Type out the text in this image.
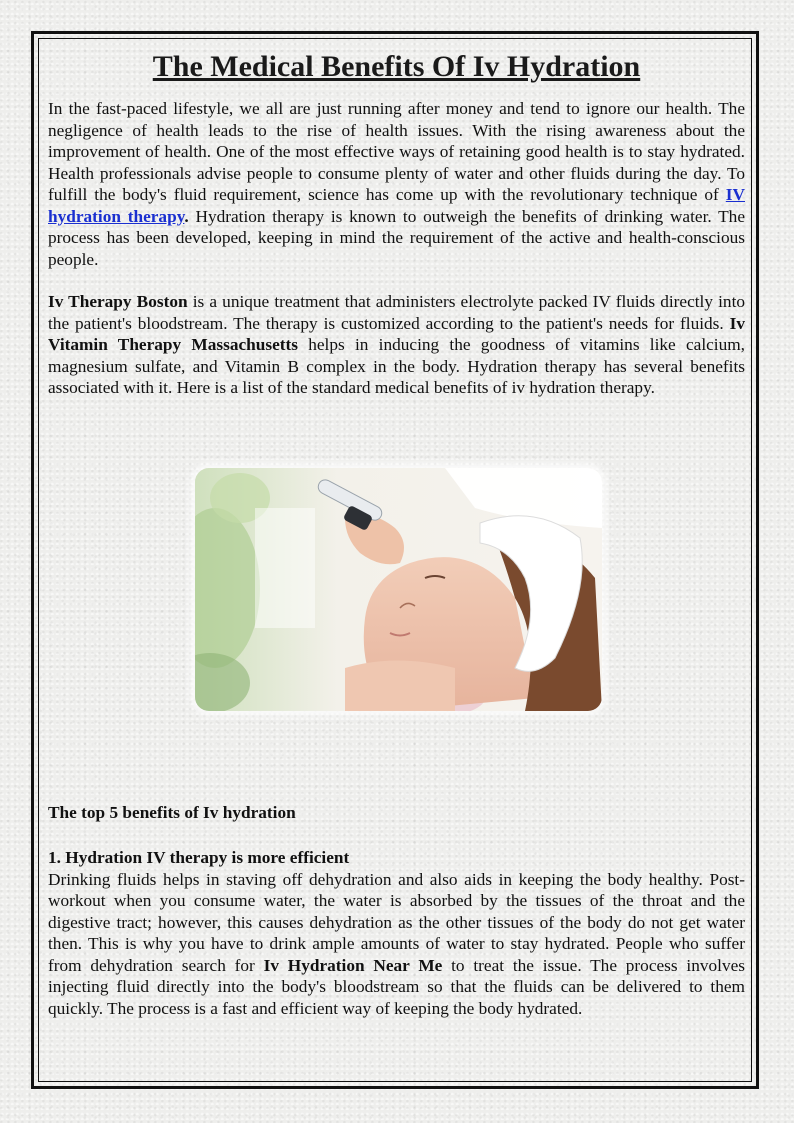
The Medical Benefits Of Iv Hydration

In the fast-paced lifestyle, we all are just running after money and tend to ignore our health. The negligence of health leads to the rise of health issues. With the rising awareness about the improvement of health. One of the most effective ways of retaining good health is to stay hydrated. Health professionals advise people to consume plenty of water and other fluids during the day. To fulfill the body's fluid requirement, science has come up with the revolutionary technique of IV hydration therapy. Hydration therapy is known to outweigh the benefits of drinking water. The process has been developed, keeping in mind the requirement of the active and health-conscious people.

Iv Therapy Boston is a unique treatment that administers electrolyte packed IV fluids directly into the patient's bloodstream. The therapy is customized according to the patient's needs for fluids. Iv Vitamin Therapy Massachusetts helps in inducing the goodness of vitamins like calcium, magnesium sulfate, and Vitamin B complex in the body. Hydration therapy has several benefits associated with it. Here is a list of the standard medical benefits of iv hydration therapy.

The top 5 benefits of Iv hydration
1. Hydration IV therapy is more efficient

Drinking fluids helps in staving off dehydration and also aids in keeping the body healthy. Post-workout when you consume water, the water is absorbed by the tissues of the throat and the digestive tract; however, this causes dehydration as the other tissues of the body do not get water then. This is why you have to drink ample amounts of water to stay hydrated. People who suffer from dehydration search for Iv Hydration Near Me to treat the issue. The process involves injecting fluid directly into the body's bloodstream so that the fluids can be delivered to them quickly. The process is a fast and efficient way of keeping the body hydrated.
